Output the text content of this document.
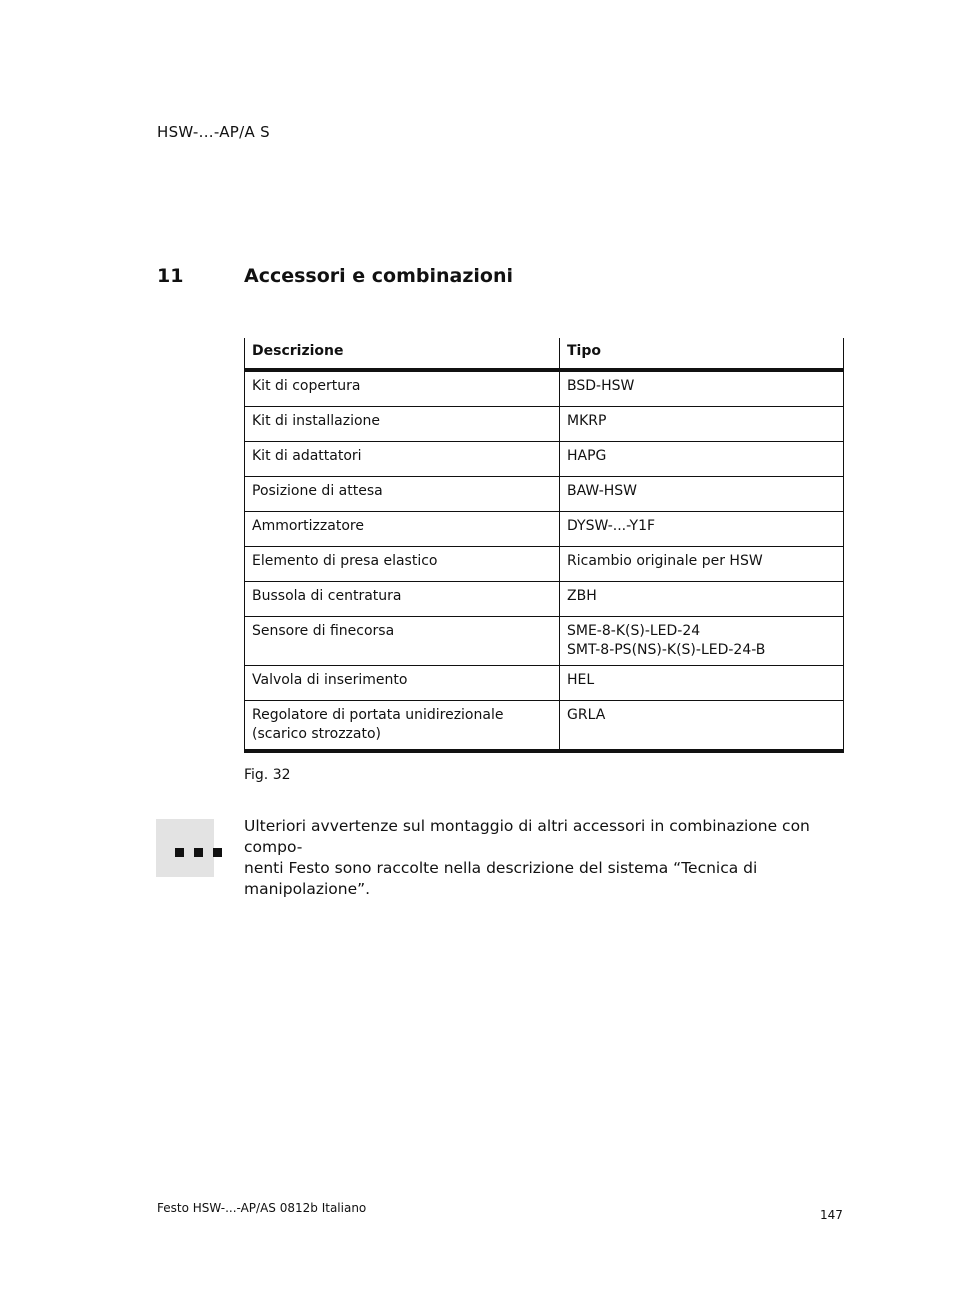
HSW-...-AP/A S
11	Accessori e combinazioni
Descrizione	Tipo
Kit di copertura	BSD-HSW
Kit di installazione	MKRP
Kit di adattatori	HAPG
Posizione di attesa	BAW-HSW
Ammortizzatore	DYSW-...-Y1F
Elemento di presa elastico	Ricambio originale per HSW
Bussola di centratura	ZBH
Sensore di finecorsa	SME-8-K(S)-LED-24
SMT-8-PS(NS)-K(S)-LED-24-B

Valvola di inserimento	HEL

Regolatore di portata unidirezionale
(scarico strozzato)	GRLA
Fig. 32
Ulteriori avvertenze sul montaggio di altri accessori in combinazione con compo-
nenti Festo sono raccolte nella descrizione del sistema “Tecnica di manipolazione”.
Festo HSW-...-AP/AS 0812b Italiano	147
